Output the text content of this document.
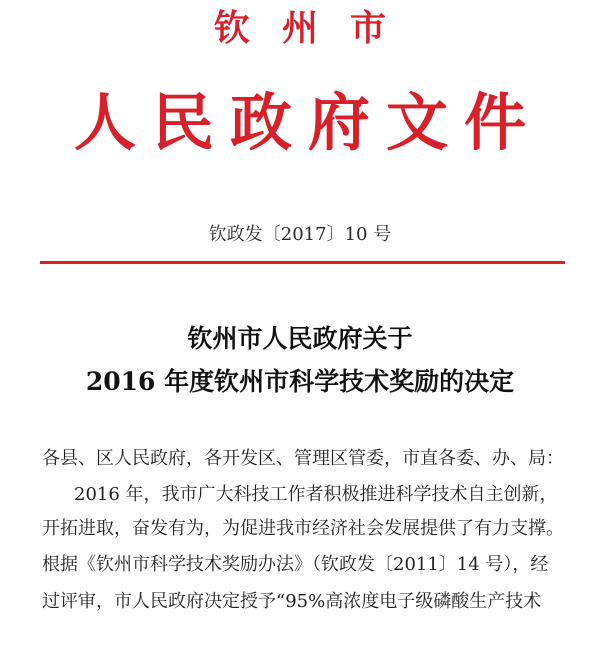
钦州市
人民政府文件
钦政发〔2017〕10 号
钦州市人民政府关于
2016 年度钦州市科学技术奖励的决定
各县、区人民政府，各开发区、管理区管委，市直各委、办、局：
2016 年，我市广大科技工作者积极推进科学技术自主创新，
开拓进取，奋发有为，为促进我市经济社会发展提供了有力支撑。
根据《钦州市科学技术奖励办法》（钦政发〔2011〕14 号），经
过评审，市人民政府决定授予“95%高浓度电子级磷酸生产技术
